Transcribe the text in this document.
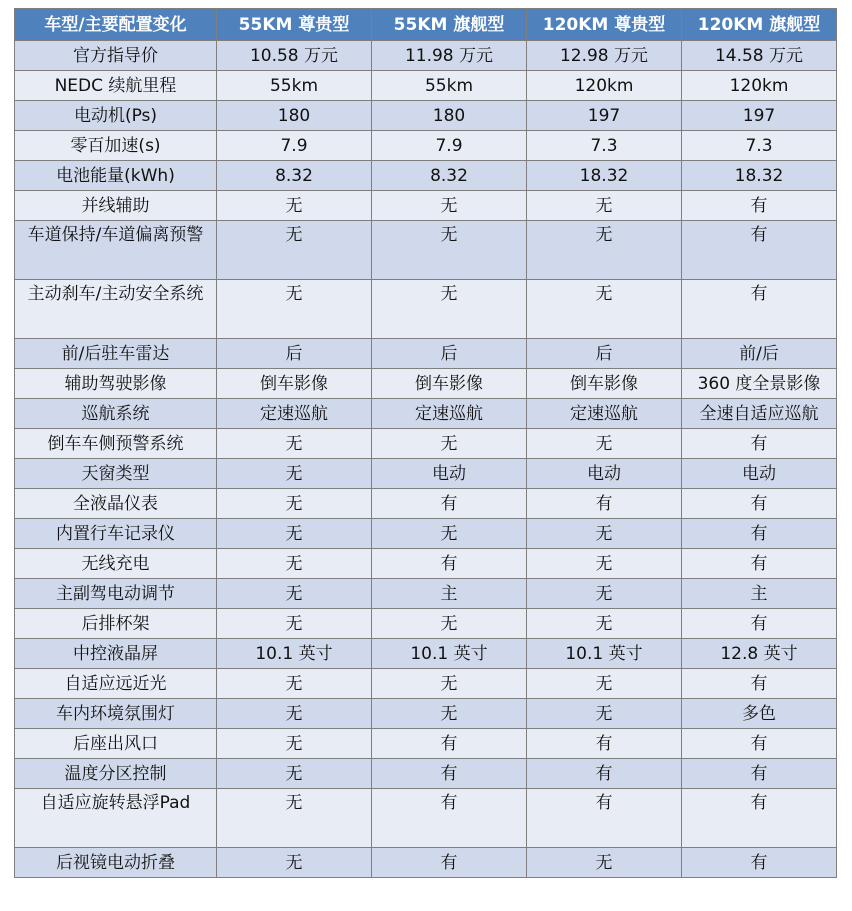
车型/主要配置变化	55KM 尊贵型	55KM 旗舰型	120KM 尊贵型	120KM 旗舰型
官方指导价	10.58 万元	11.98 万元	12.98 万元	14.58 万元
NEDC 续航里程	55km	55km	120km	120km
电动机(Ps)	180	180	197	197
零百加速(s)	7.9	7.9	7.3	7.3
电池能量(kWh)	8.32	8.32	18.32	18.32
并线辅助	无	无	无	有
车道保持/车道偏离预警	无	无	无	有
主动刹车/主动安全系统	无	无	无	有
前/后驻车雷达	后	后	后	前/后
辅助驾驶影像	倒车影像	倒车影像	倒车影像	360 度全景影像
巡航系统	定速巡航	定速巡航	定速巡航	全速自适应巡航
倒车车侧预警系统	无	无	无	有
天窗类型	无	电动	电动	电动
全液晶仪表	无	有	有	有
内置行车记录仪	无	无	无	有
无线充电	无	有	无	有
主副驾电动调节	无	主	无	主
后排杯架	无	无	无	有
中控液晶屏	10.1 英寸	10.1 英寸	10.1 英寸	12.8 英寸
自适应远近光	无	无	无	有
车内环境氛围灯	无	无	无	多色
后座出风口	无	有	有	有
温度分区控制	无	有	有	有
自适应旋转悬浮Pad	无	有	有	有
后视镜电动折叠	无	有	无	有
